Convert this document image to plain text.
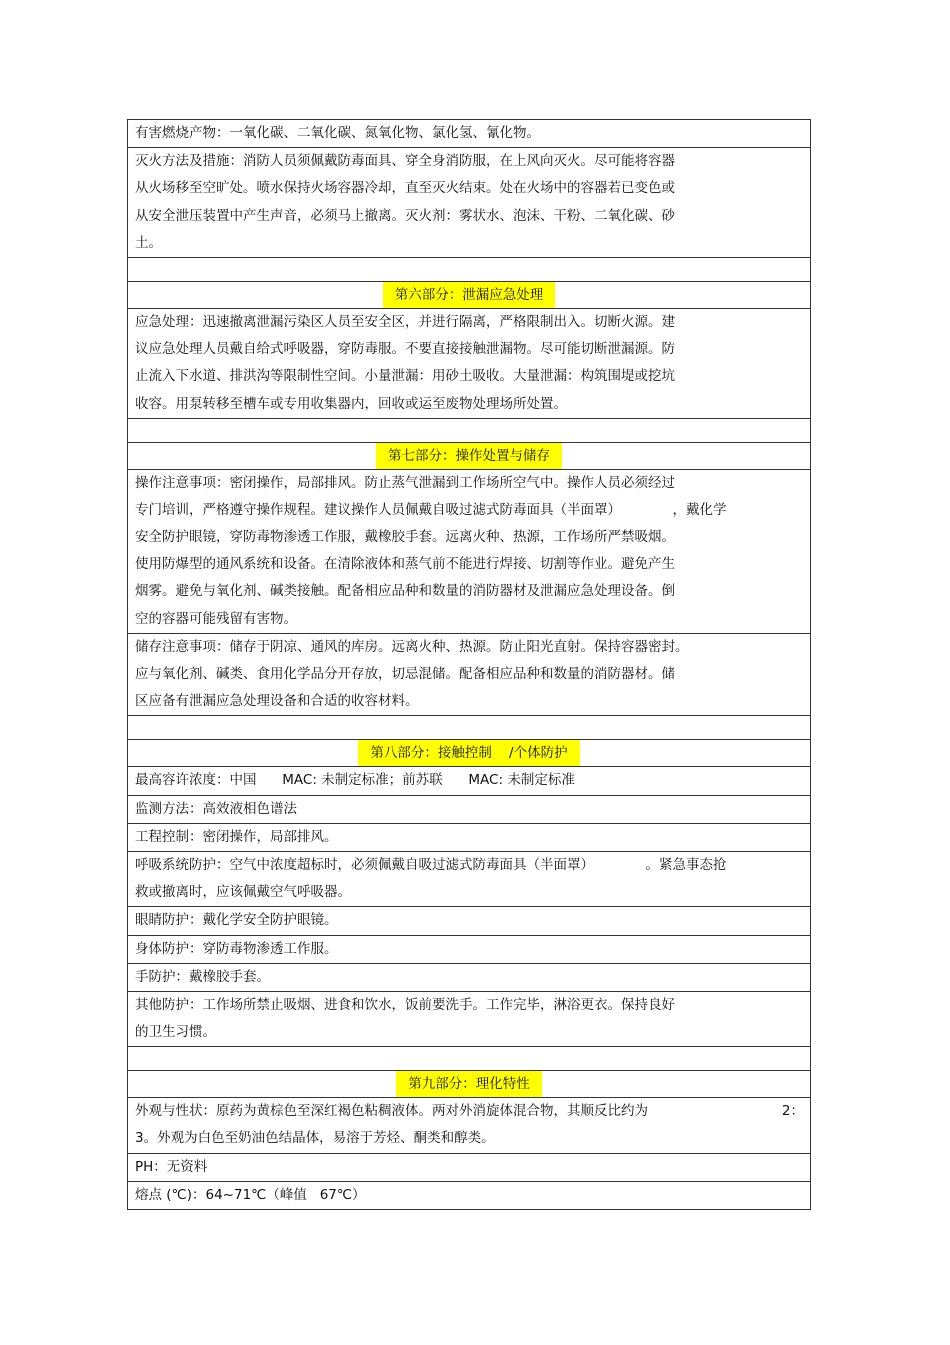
有害燃烧产物：一氧化碳、二氧化碳、氮氧化物、氯化氢、氰化物。
灭火方法及措施：消防人员须佩戴防毒面具、穿全身消防服，在上风向灭火。尽可能将容器
从火场移至空旷处。喷水保持火场容器冷却，直至灭火结束。处在火场中的容器若已变色或
从安全泄压装置中产生声音，必须马上撤离。灭火剂：雾状水、泡沫、干粉、二氧化碳、砂
土。
第六部分：泄漏应急处理
应急处理：迅速撤离泄漏污染区人员至安全区，并进行隔离，严格限制出入。切断火源。建
议应急处理人员戴自给式呼吸器，穿防毒服。不要直接接触泄漏物。尽可能切断泄漏源。防
止流入下水道、排洪沟等限制性空间。小量泄漏：用砂土吸收。大量泄漏：构筑围堤或挖坑
收容。用泵转移至槽车或专用收集器内，回收或运至废物处理场所处置。
第七部分：操作处置与储存
操作注意事项：密闭操作，局部排风。防止蒸气泄漏到工作场所空气中。操作人员必须经过
专门培训，严格遵守操作规程。建议操作人员佩戴自吸过滤式防毒面具（半面罩）            ，戴化学
安全防护眼镜，穿防毒物渗透工作服，戴橡胶手套。远离火种、热源，工作场所严禁吸烟。
使用防爆型的通风系统和设备。在清除液体和蒸气前不能进行焊接、切割等作业。避免产生
烟雾。避免与氧化剂、碱类接触。配备相应品种和数量的消防器材及泄漏应急处理设备。倒
空的容器可能残留有害物。
储存注意事项：储存于阴凉、通风的库房。远离火种、热源。防止阳光直射。保持容器密封。
应与氧化剂、碱类、食用化学品分开存放，切忌混储。配备相应品种和数量的消防器材。储
区应备有泄漏应急处理设备和合适的收容材料。
第八部分：接触控制    /个体防护
最高容许浓度：中国      MAC: 未制定标准；前苏联      MAC: 未制定标准
监测方法：高效液相色谱法
工程控制：密闭操作，局部排风。
呼吸系统防护：空气中浓度超标时，必须佩戴自吸过滤式防毒面具（半面罩）            。紧急事态抢
救或撤离时，应该佩戴空气呼吸器。
眼睛防护：戴化学安全防护眼镜。
身体防护：穿防毒物渗透工作服。
手防护：戴橡胶手套。
其他防护：工作场所禁止吸烟、进食和饮水，饭前要洗手。工作完毕，淋浴更衣。保持良好
的卫生习惯。
第九部分：理化特性
外观与性状：原药为黄棕色至深红褐色粘稠液体。两对外消旋体混合物，其顺反比约为	2：
3。外观为白色至奶油色结晶体，易溶于芳烃、酮类和醇类。
PH：无资料
熔点 (℃)：64~71℃（峰值   67℃）
